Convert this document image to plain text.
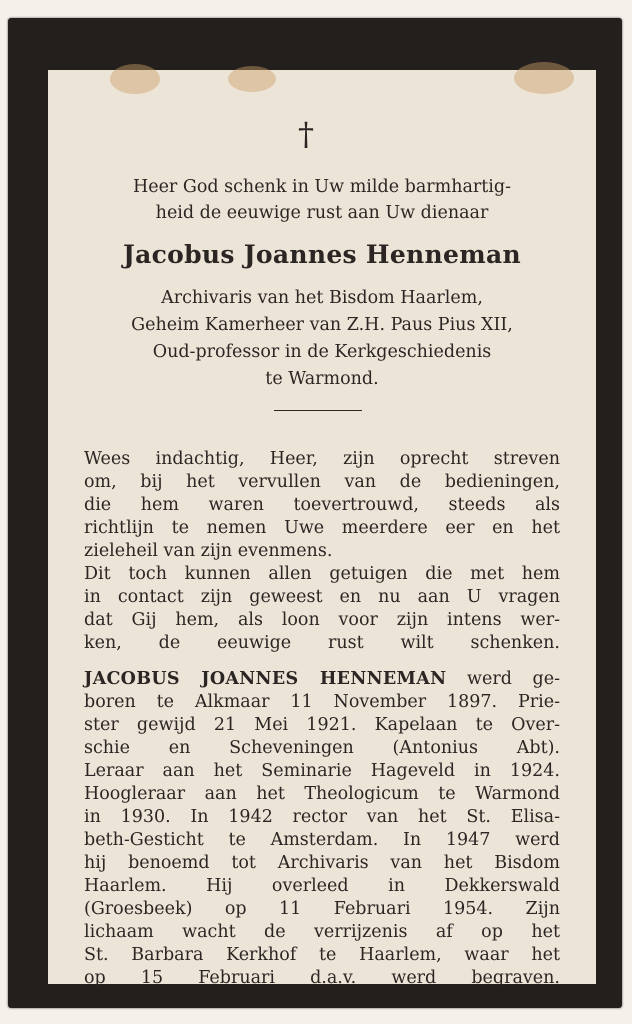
†
Heer God schenk in Uw milde barmhartig-
heid de eeuwige rust aan Uw dienaar
Jacobus Joannes Henneman
Archivaris van het Bisdom Haarlem,
Geheim Kamerheer van Z.H. Paus Pius XII,
Oud-professor in de Kerkgeschiedenis
te Warmond.
Wees indachtig, Heer, zijn oprecht streven
om, bij het vervullen van de bedieningen,
die hem waren toevertrouwd, steeds als
richtlijn te nemen Uwe meerdere eer en het
zieleheil van zijn evenmens.
Dit toch kunnen allen getuigen die met hem
in contact zijn geweest en nu aan U vragen
dat Gij hem, als loon voor zijn intens wer-
ken, de eeuwige rust wilt schenken.
JACOBUS JOANNES HENNEMAN werd ge-
boren te Alkmaar 11 November 1897. Prie-
ster gewijd 21 Mei 1921. Kapelaan te Over-
schie en Scheveningen (Antonius Abt).
Leraar aan het Seminarie Hageveld in 1924.
Hoogleraar aan het Theologicum te Warmond
in 1930. In 1942 rector van het St. Elisa-
beth-Gesticht te Amsterdam. In 1947 werd
hij benoemd tot Archivaris van het Bisdom
Haarlem. Hij overleed in Dekkerswald
(Groesbeek) op 11 Februari 1954. Zijn
lichaam wacht de verrijzenis af op het
St. Barbara Kerkhof te Haarlem, waar het
op 15 Februari d.a.v. werd begraven.
